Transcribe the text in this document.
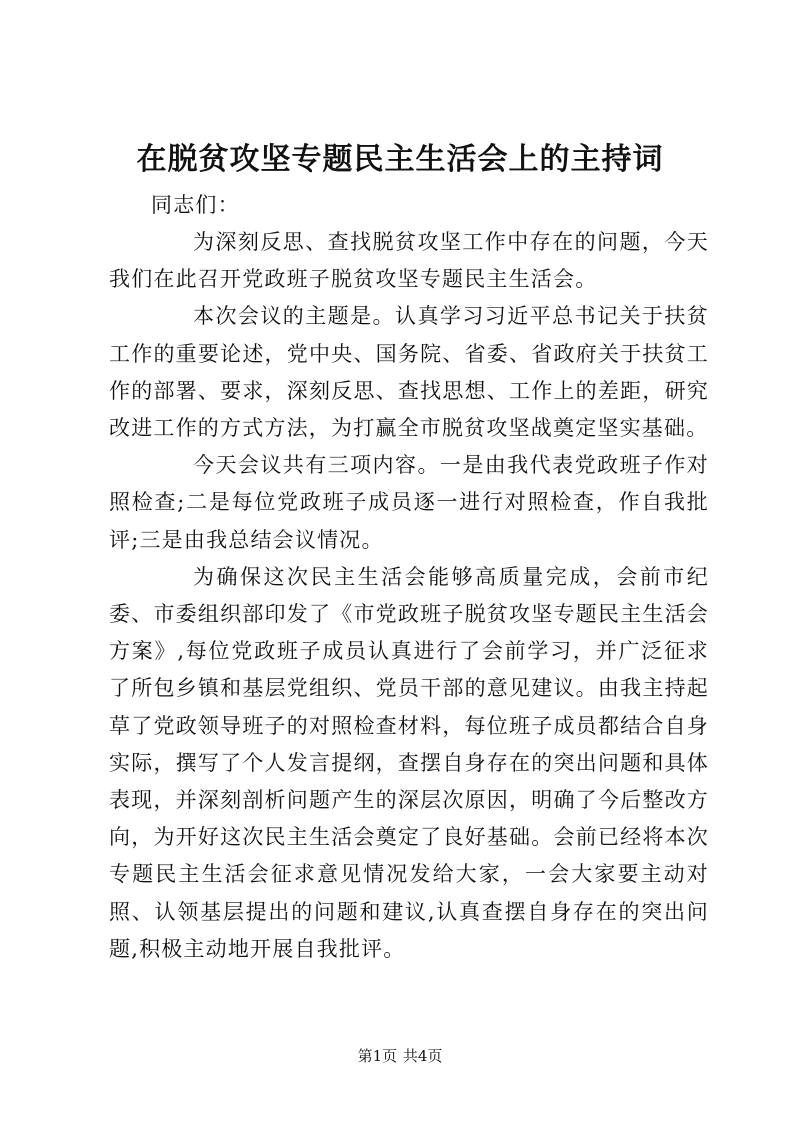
在脱贫攻坚专题民主生活会上的主持词

同志们：

为深刻反思、查找脱贫攻坚工作中存在的问题，今天我们在此召开党政班子脱贫攻坚专题民主生活会。

本次会议的主题是。认真学习习近平总书记关于扶贫工作的重要论述，党中央、国务院、省委、省政府关于扶贫工作的部署、要求，深刻反思、查找思想、工作上的差距，研究改进工作的方式方法，为打赢全市脱贫攻坚战奠定坚实基础。

今天会议共有三项内容。一是由我代表党政班子作对照检查;二是每位党政班子成员逐一进行对照检查，作自我批评;三是由我总结会议情况。

为确保这次民主生活会能够高质量完成，会前市纪委、市委组织部印发了《市党政班子脱贫攻坚专题民主生活会方案》,每位党政班子成员认真进行了会前学习，并广泛征求了所包乡镇和基层党组织、党员干部的意见建议。由我主持起草了党政领导班子的对照检查材料，每位班子成员都结合自身实际，撰写了个人发言提纲，查摆自身存在的突出问题和具体表现，并深刻剖析问题产生的深层次原因，明确了今后整改方向，为开好这次民主生活会奠定了良好基础。会前已经将本次专题民主生活会征求意见情况发给大家，一会大家要主动对照、认领基层提出的问题和建议,认真查摆自身存在的突出问题,积极主动地开展自我批评。

第1页 共4页
